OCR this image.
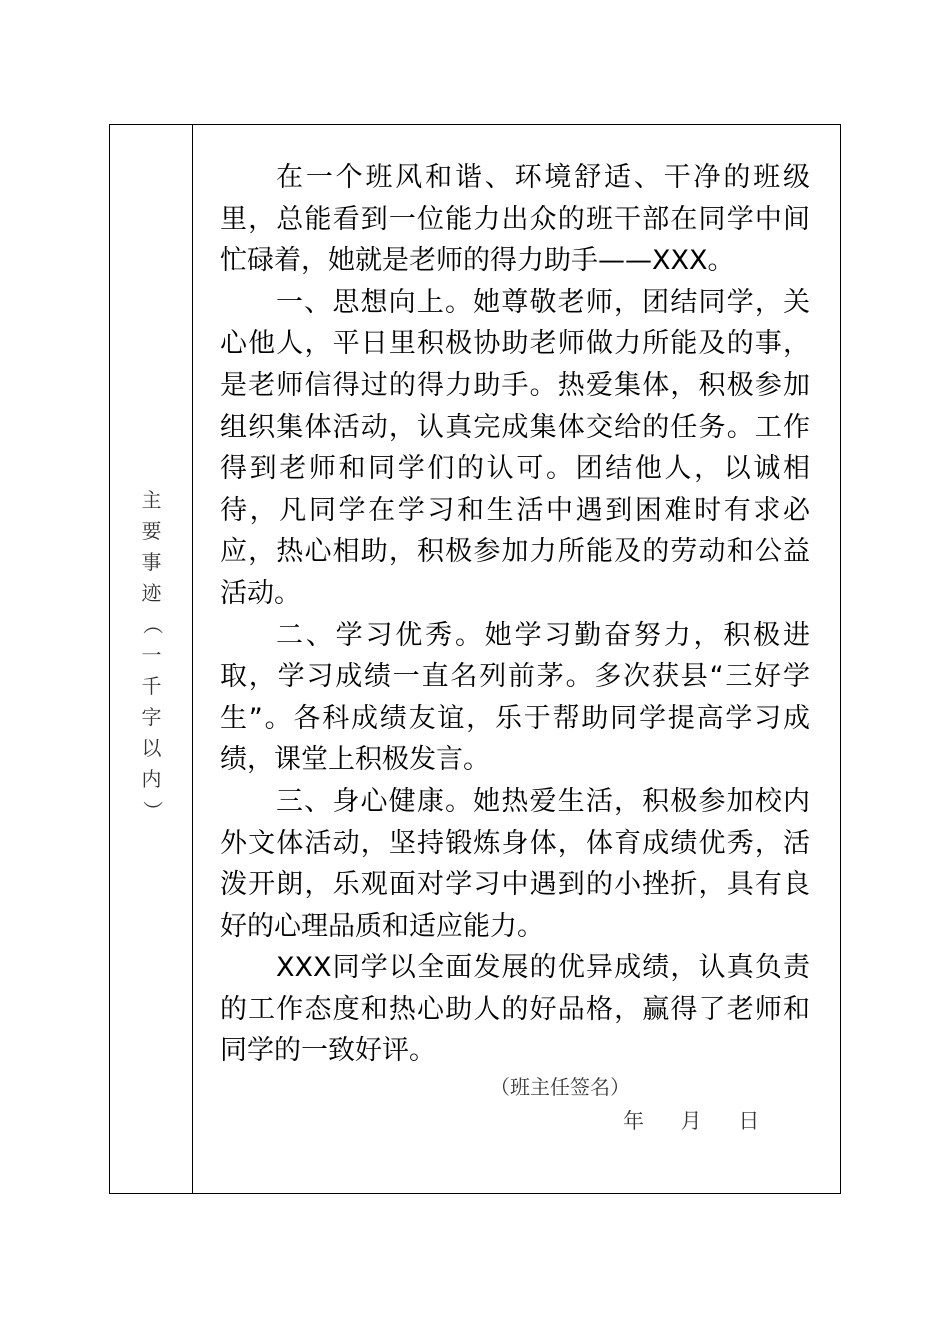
主
要
事
迹
（
一
千
字
以
内
）

在一个班风和谐、环境舒适、干净的班级里，总能看到一位能力出众的班干部在同学中间忙碌着，她就是老师的得力助手——XXX。

一、思想向上。她尊敬老师，团结同学，关心他人，平日里积极协助老师做力所能及的事，是老师信得过的得力助手。热爱集体，积极参加组织集体活动，认真完成集体交给的任务。工作得到老师和同学们的认可。团结他人，以诚相待，凡同学在学习和生活中遇到困难时有求必应，热心相助，积极参加力所能及的劳动和公益活动。

二、学习优秀。她学习勤奋努力，积极进取，学习成绩一直名列前茅。多次获县“三好学生”。各科成绩友谊，乐于帮助同学提高学习成绩，课堂上积极发言。

三、身心健康。她热爱生活，积极参加校内外文体活动，坚持锻炼身体，体育成绩优秀，活泼开朗，乐观面对学习中遇到的小挫折，具有良好的心理品质和适应能力。

XXX同学以全面发展的优异成绩，认真负责的工作态度和热心助人的好品格，赢得了老师和同学的一致好评。

（班主任签名）
年 月 日
